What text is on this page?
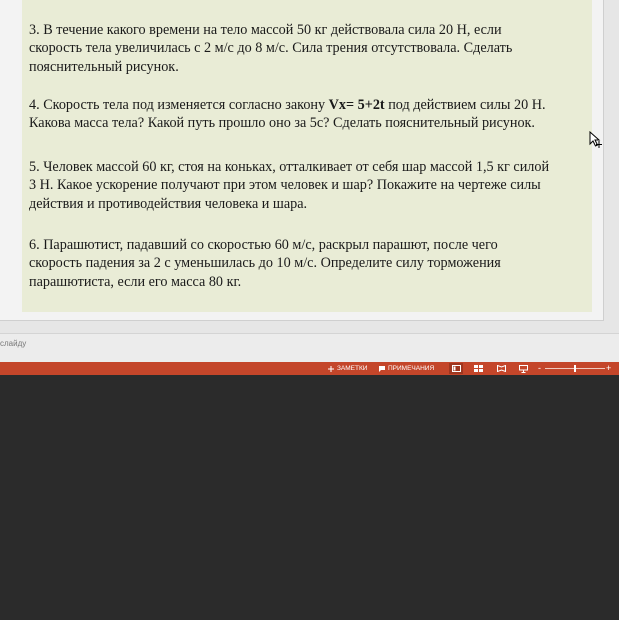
3. В течение какого времени на тело массой 50 кг действовала сила 20 Н, если
скорость тела увеличилась с 2 м/с до 8 м/с. Сила трения отсутствовала. Сделать
пояснительный рисунок.
4. Скорость тела под изменяется согласно закону Vx= 5+2t под действием силы 20 Н.
Какова масса тела? Какой путь прошло оно за 5с? Сделать пояснительный рисунок.
5. Человек массой 60 кг, стоя на коньках, отталкивает от себя шар массой 1,5 кг силой
3 Н. Какое ускорение получают при этом человек и шар? Покажите на чертеже силы
действия и противодействия человека и шара.
6. Парашютист, падавший со скоростью 60 м/с, раскрыл парашют, после чего
скорость падения за 2 с уменьшилась до 10 м/с. Определите силу торможения
парашютиста, если его масса 80 кг.
слайду
ЗАМЕТКИ	ПРИМЕЧАНИЯ	-	+
